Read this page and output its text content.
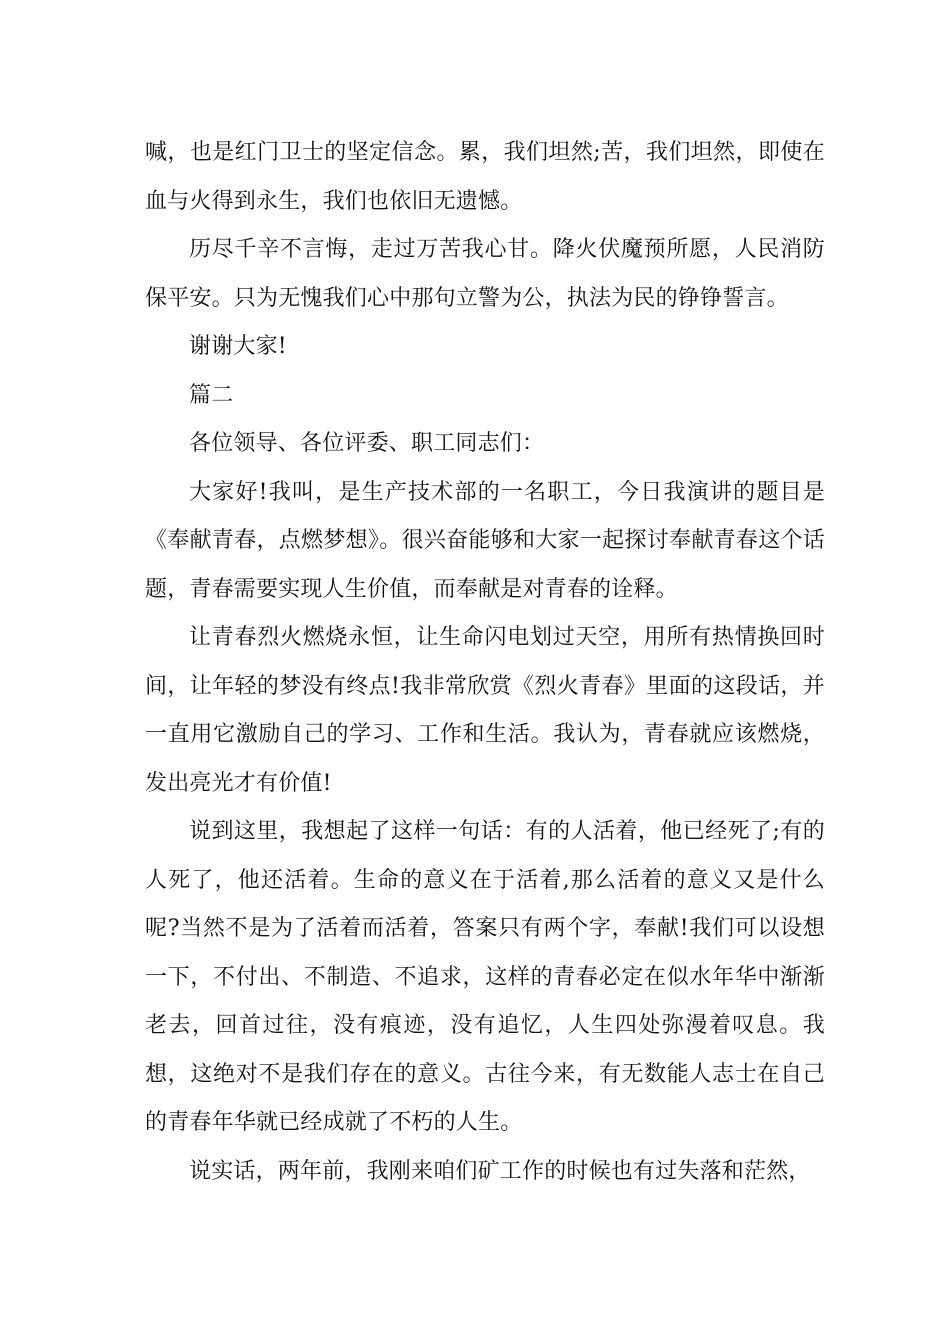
喊，也是红门卫士的坚定信念。累，我们坦然;苦，我们坦然，即使在血与火得到永生，我们也依旧无遗憾。

历尽千辛不言悔，走过万苦我心甘。降火伏魔预所愿，人民消防保平安。只为无愧我们心中那句立警为公，执法为民的铮铮誓言。

谢谢大家!

篇二

各位领导、各位评委、职工同志们：

大家好!我叫，是生产技术部的一名职工，今日我演讲的题目是《奉献青春，点燃梦想》。很兴奋能够和大家一起探讨奉献青春这个话题，青春需要实现人生价值，而奉献是对青春的诠释。

让青春烈火燃烧永恒，让生命闪电划过天空，用所有热情换回时间，让年轻的梦没有终点!我非常欣赏《烈火青春》里面的这段话，并一直用它激励自己的学习、工作和生活。我认为，青春就应该燃烧，发出亮光才有价值!

说到这里，我想起了这样一句话：有的人活着，他已经死了;有的人死了，他还活着。生命的意义在于活着,那么活着的意义又是什么呢?当然不是为了活着而活着，答案只有两个字，奉献!我们可以设想一下，不付出、不制造、不追求，这样的青春必定在似水年华中渐渐老去，回首过往，没有痕迹，没有追忆，人生四处弥漫着叹息。我想，这绝对不是我们存在的意义。古往今来，有无数能人志士在自己的青春年华就已经成就了不朽的人生。

说实话，两年前，我刚来咱们矿工作的时候也有过失落和茫然，
